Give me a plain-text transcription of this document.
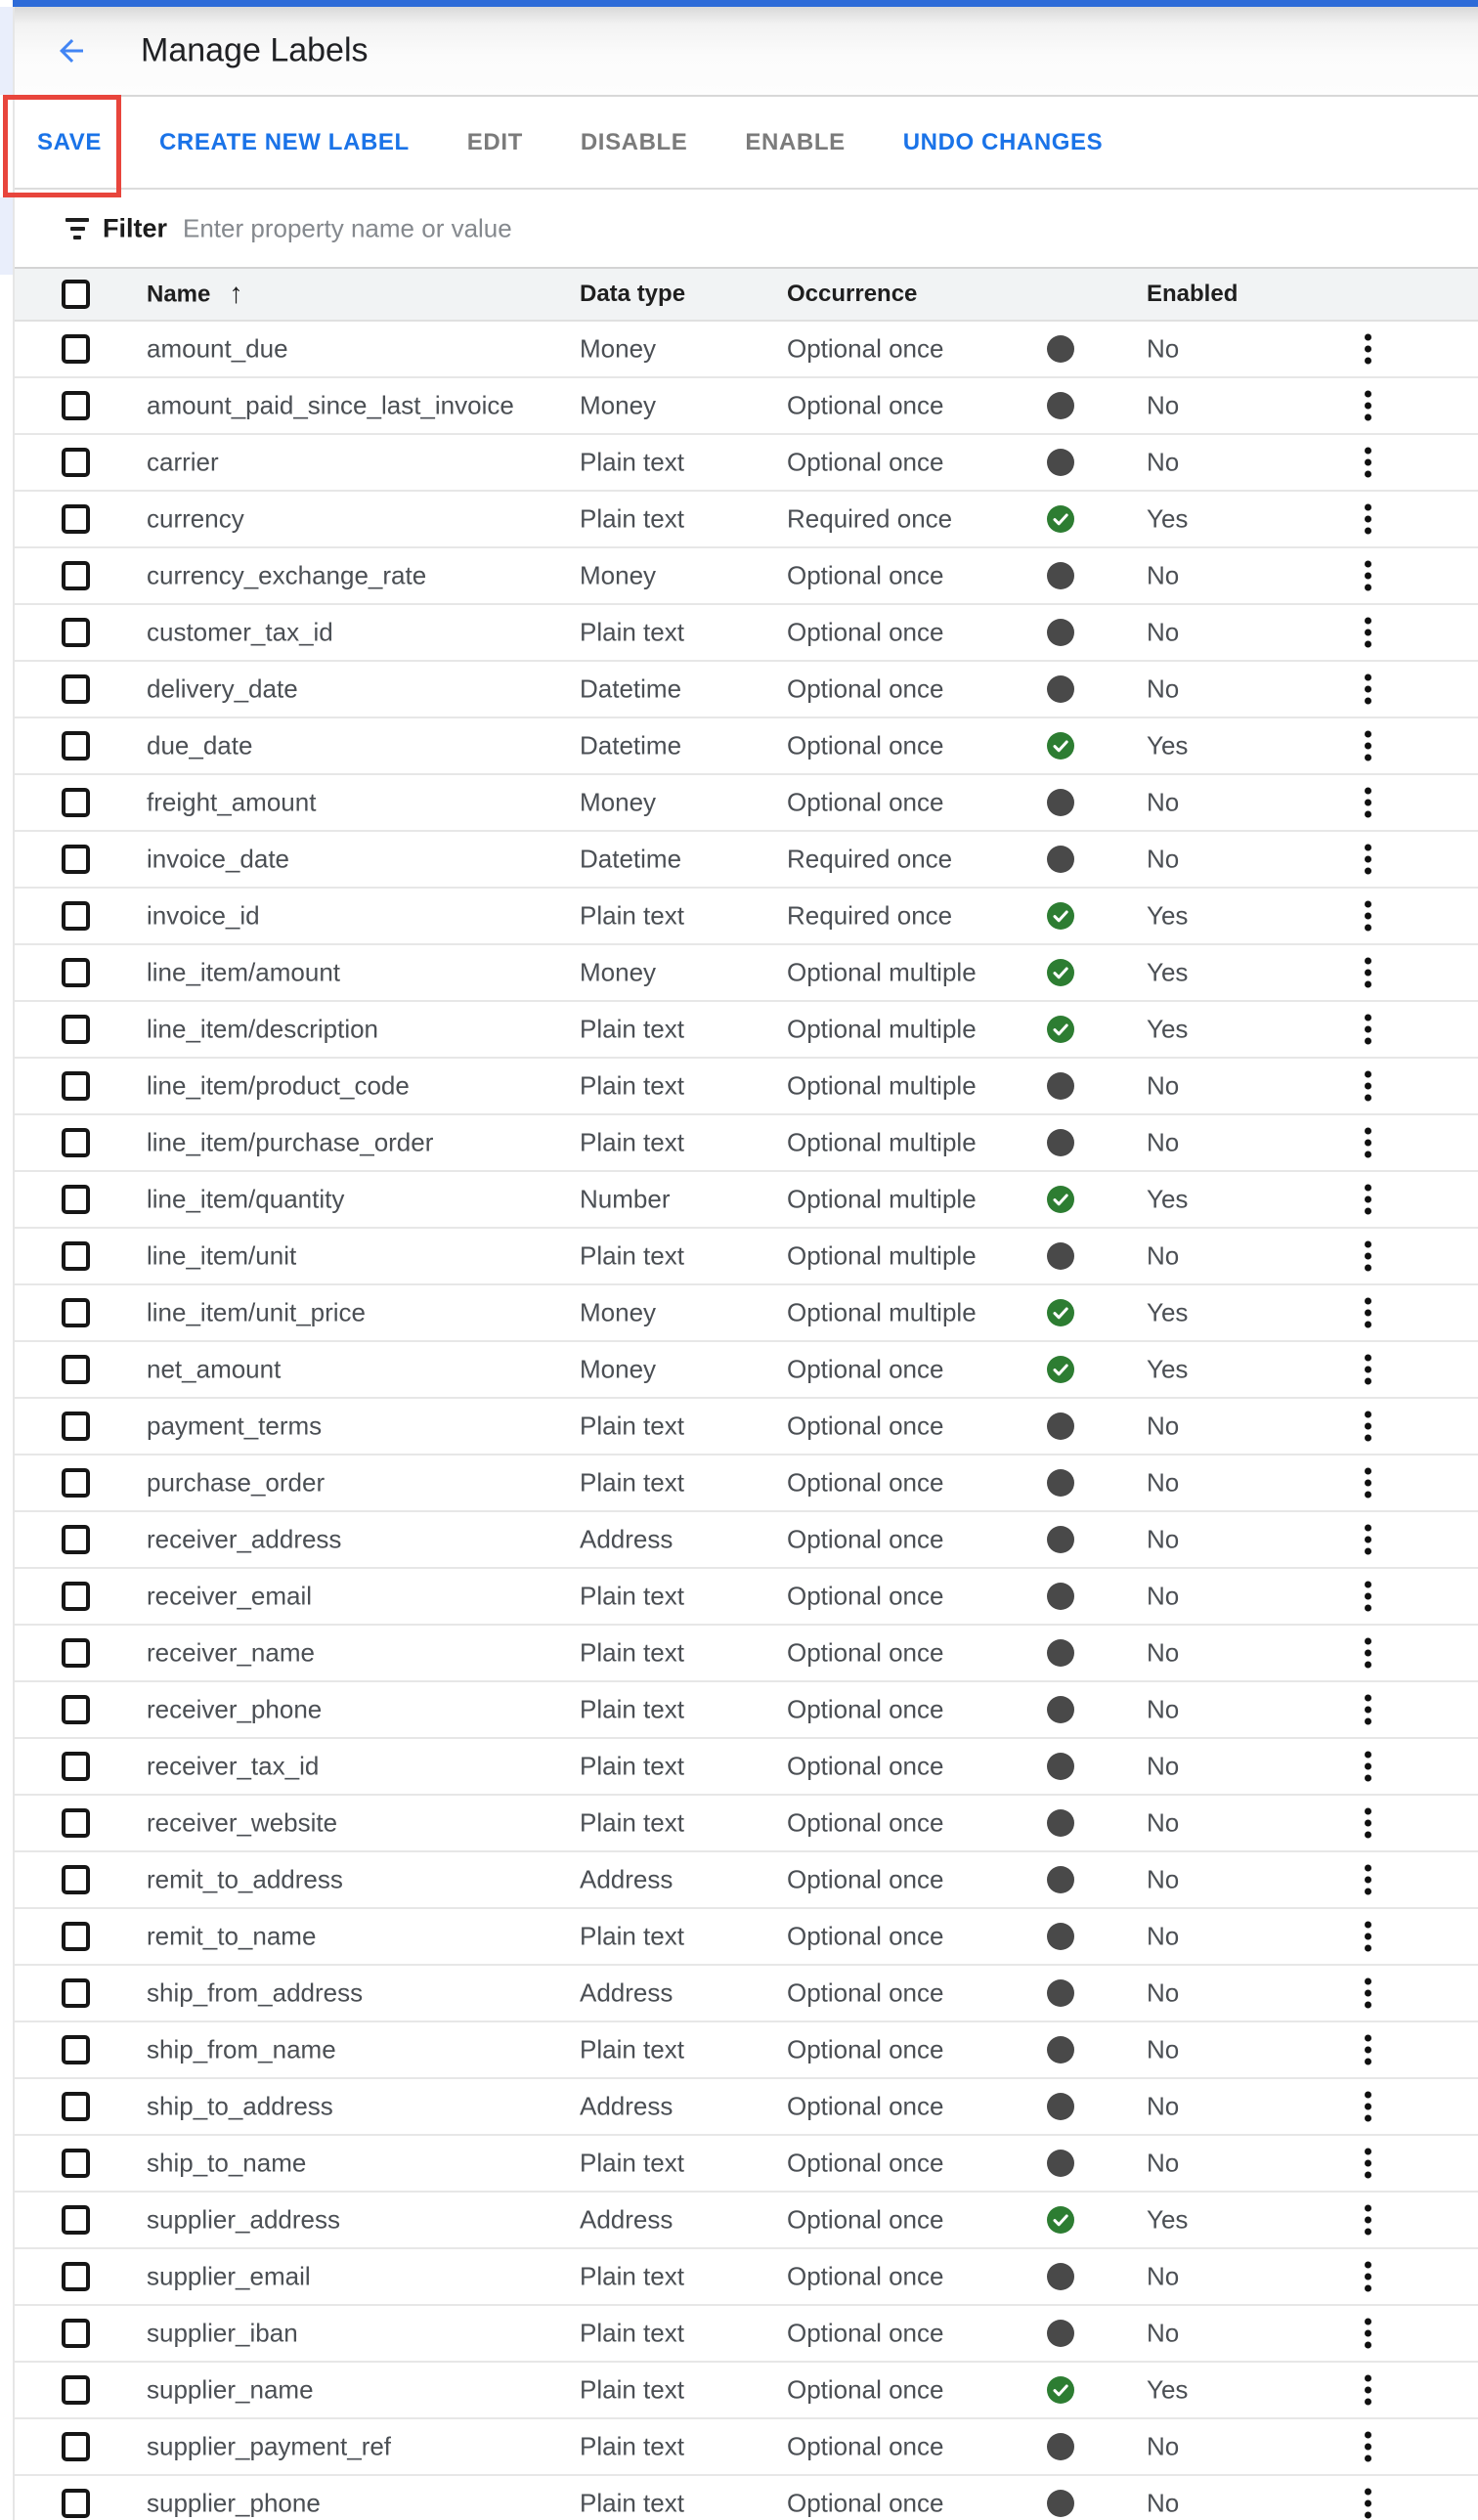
Manage Labels
SAVE CREATE NEW LABEL EDIT DISABLE ENABLE UNDO CHANGES
Filter
Enter property name or value
Name ↑	Data type	Occurrence	Enabled
amount_due	Money	Optional once	No
amount_paid_since_last_invoice	Money	Optional once	No
carrier	Plain text	Optional once	No
currency	Plain text	Required once	Yes
currency_exchange_rate	Money	Optional once	No
customer_tax_id	Plain text	Optional once	No
delivery_date	Datetime	Optional once	No
due_date	Datetime	Optional once	Yes
freight_amount	Money	Optional once	No
invoice_date	Datetime	Required once	No
invoice_id	Plain text	Required once	Yes
line_item/amount	Money	Optional multiple	Yes
line_item/description	Plain text	Optional multiple	Yes
line_item/product_code	Plain text	Optional multiple	No
line_item/purchase_order	Plain text	Optional multiple	No
line_item/quantity	Number	Optional multiple	Yes
line_item/unit	Plain text	Optional multiple	No
line_item/unit_price	Money	Optional multiple	Yes
net_amount	Money	Optional once	Yes
payment_terms	Plain text	Optional once	No
purchase_order	Plain text	Optional once	No
receiver_address	Address	Optional once	No
receiver_email	Plain text	Optional once	No
receiver_name	Plain text	Optional once	No
receiver_phone	Plain text	Optional once	No
receiver_tax_id	Plain text	Optional once	No
receiver_website	Plain text	Optional once	No
remit_to_address	Address	Optional once	No
remit_to_name	Plain text	Optional once	No
ship_from_address	Address	Optional once	No
ship_from_name	Plain text	Optional once	No
ship_to_address	Address	Optional once	No
ship_to_name	Plain text	Optional once	No
supplier_address	Address	Optional once	Yes
supplier_email	Plain text	Optional once	No
supplier_iban	Plain text	Optional once	No
supplier_name	Plain text	Optional once	Yes
supplier_payment_ref	Plain text	Optional once	No
supplier_phone	Plain text	Optional once	No
